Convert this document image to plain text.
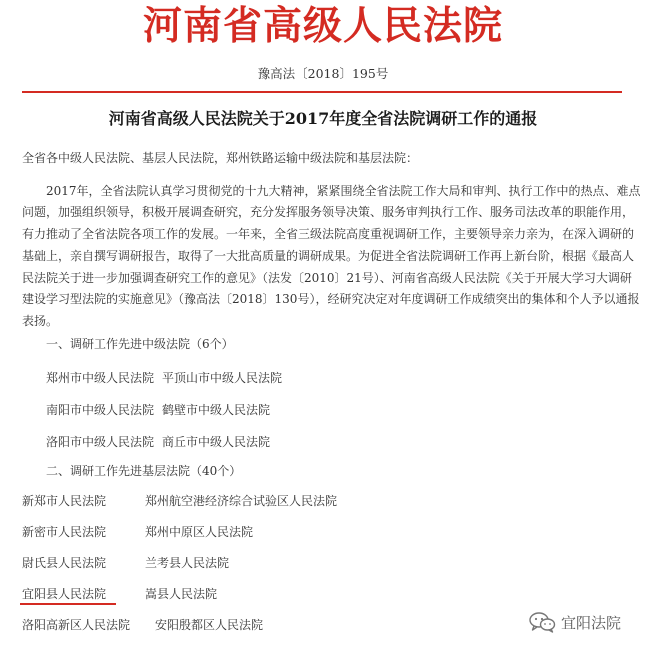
河南省高级人民法院
豫高法〔2018〕195号
河南省高级人民法院关于2017年度全省法院调研工作的通报
全省各中级人民法院、基层人民法院，郑州铁路运输中级法院和基层法院：
2017年，全省法院认真学习贯彻党的十九大精神，紧紧围绕全省法院工作大局和审判、执行工作中的热点、难点
问题，加强组织领导，积极开展调查研究，充分发挥服务领导决策、服务审判执行工作、服务司法改革的职能作用，
有力推动了全省法院各项工作的发展。一年来，全省三级法院高度重视调研工作，主要领导亲力亲为，在深入调研的
基础上，亲自撰写调研报告，取得了一大批高质量的调研成果。为促进全省法院调研工作再上新台阶，根据《最高人
民法院关于进一步加强调查研究工作的意见》（法发〔2010〕21号）、河南省高级人民法院《关于开展大学习大调研
建设学习型法院的实施意见》（豫高法〔2018〕130号），经研究决定对年度调研工作成绩突出的集体和个人予以通报
表扬。
一、调研工作先进中级法院（6个）
郑州市中级人民法院 平顶山市中级人民法院
南阳市中级人民法院 鹤壁市中级人民法院
洛阳市中级人民法院 商丘市中级人民法院
二、调研工作先进基层法院（40个）
新郑市人民法院	郑州航空港经济综合试验区人民法院
新密市人民法院	郑州中原区人民法院
尉氏县人民法院	兰考县人民法院
宜阳县人民法院	嵩县人民法院
洛阳高新区人民法院 安阳殷都区人民法院	宜阳法院
